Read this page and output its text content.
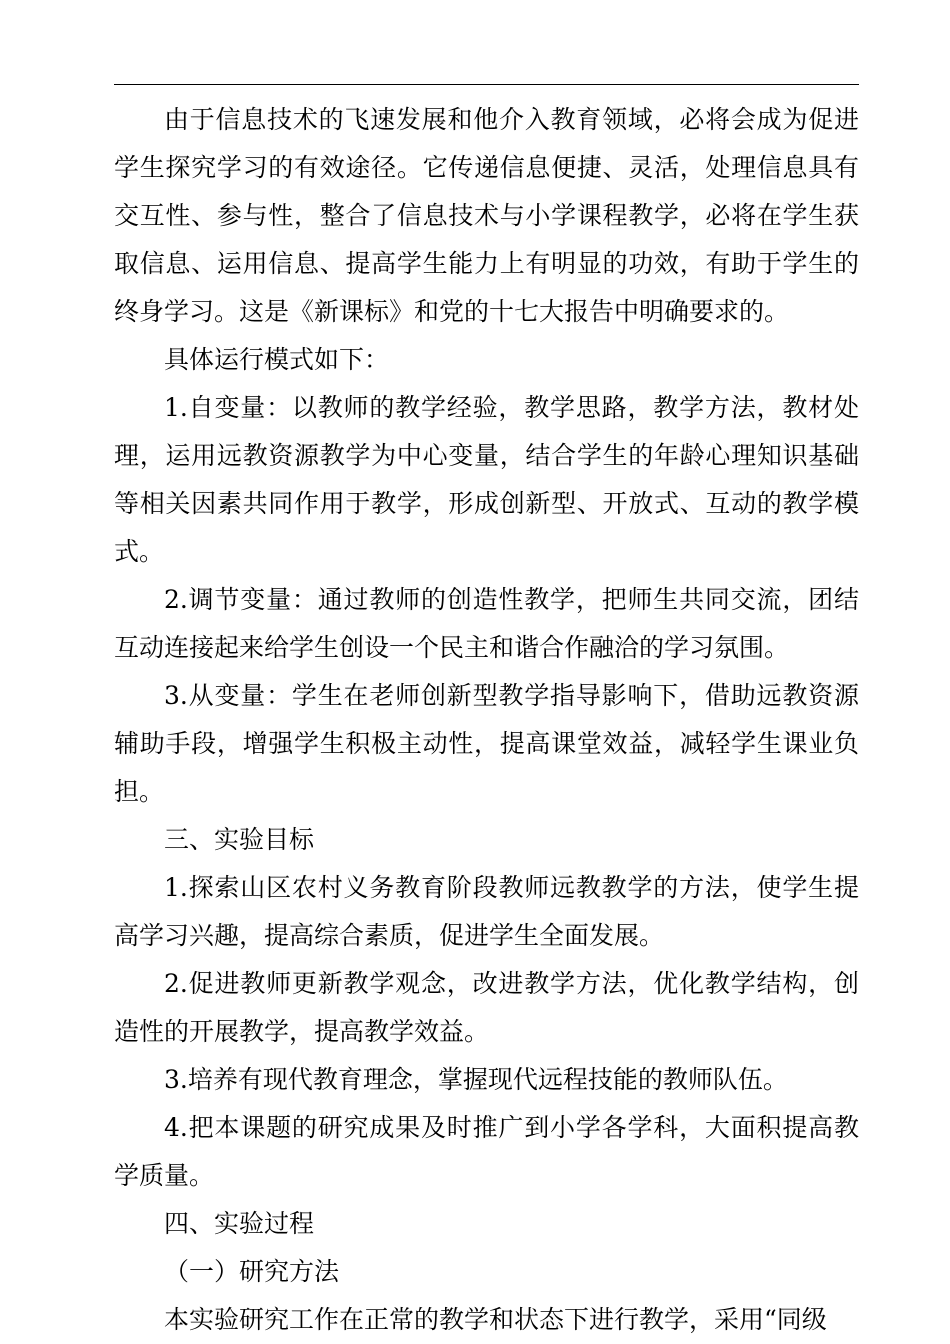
由于信息技术的飞速发展和他介入教育领域，必将会成为促进学生探究学习的有效途径。它传递信息便捷、灵活，处理信息具有交互性、参与性，整合了信息技术与小学课程教学，必将在学生获取信息、运用信息、提高学生能力上有明显的功效，有助于学生的终身学习。这是《新课标》和党的十七大报告中明确要求的。

具体运行模式如下：

1.自变量：以教师的教学经验，教学思路，教学方法，教材处理，运用远教资源教学为中心变量，结合学生的年龄心理知识基础等相关因素共同作用于教学，形成创新型、开放式、互动的教学模式。

2.调节变量：通过教师的创造性教学，把师生共同交流，团结互动连接起来给学生创设一个民主和谐合作融洽的学习氛围。

3.从变量：学生在老师创新型教学指导影响下，借助远教资源辅助手段，增强学生积极主动性，提高课堂效益，减轻学生课业负担。

三、实验目标

1.探索山区农村义务教育阶段教师远教教学的方法，使学生提高学习兴趣，提高综合素质，促进学生全面发展。

2.促进教师更新教学观念，改进教学方法，优化教学结构，创造性的开展教学，提高教学效益。

3.培养有现代教育理念，掌握现代远程技能的教师队伍。

4.把本课题的研究成果及时推广到小学各学科，大面积提高教学质量。

四、实验过程

（一）研究方法

本实验研究工作在正常的教学和状态下进行教学，采用“同级
